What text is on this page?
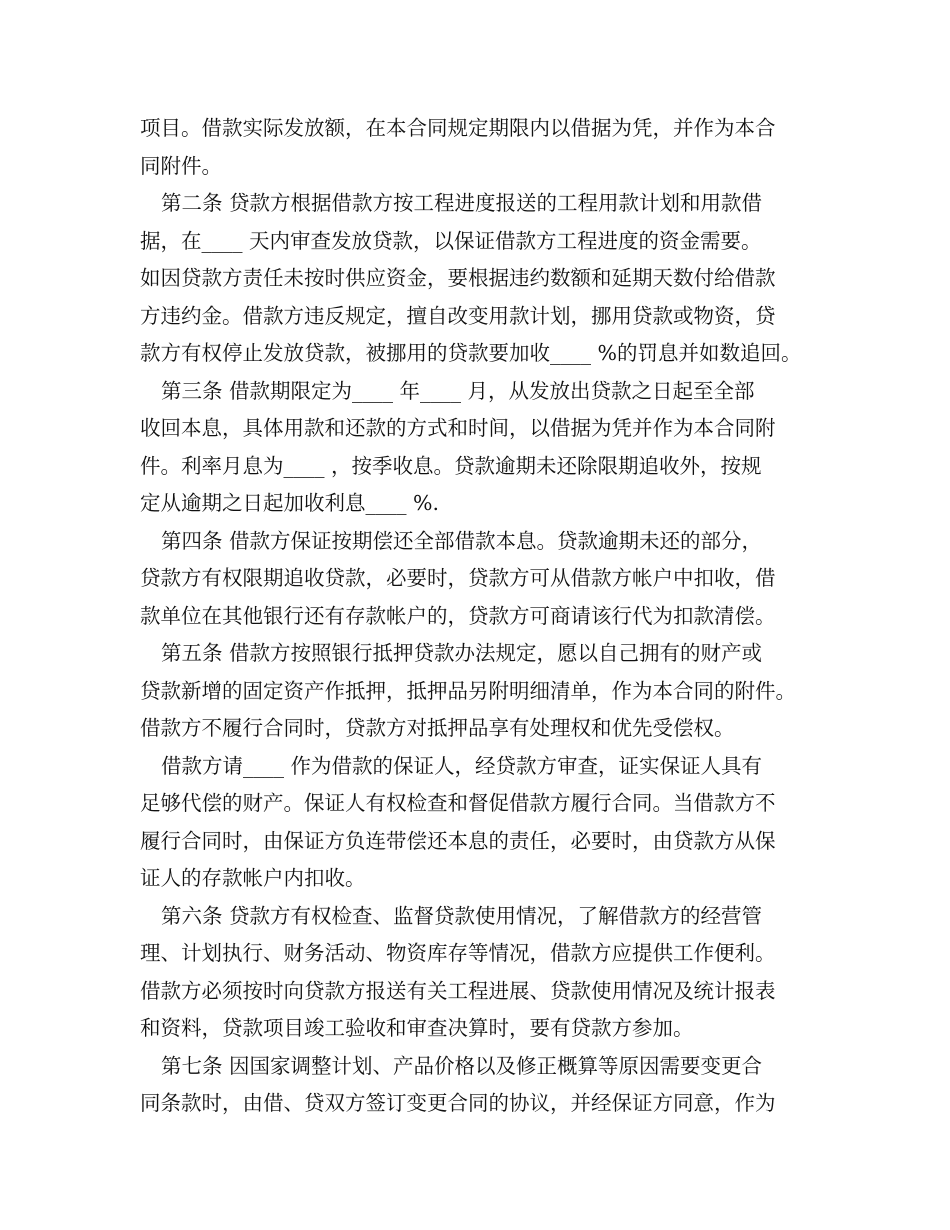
项目。借款实际发放额，在本合同规定期限内以借据为凭，并作为本合
同附件。
第二条 贷款方根据借款方按工程进度报送的工程用款计划和用款借
据，在____ 天内审查发放贷款，以保证借款方工程进度的资金需要。
如因贷款方责任未按时供应资金，要根据违约数额和延期天数付给借款
方违约金。借款方违反规定，擅自改变用款计划，挪用贷款或物资，贷
款方有权停止发放贷款，被挪用的贷款要加收____ %的罚息并如数追回。
第三条 借款期限定为____ 年____ 月，从发放出贷款之日起至全部
收回本息，具体用款和还款的方式和时间，以借据为凭并作为本合同附
件。利率月息为____ ，按季收息。贷款逾期未还除限期追收外，按规
定从逾期之日起加收利息____ %.
第四条 借款方保证按期偿还全部借款本息。贷款逾期未还的部分，
贷款方有权限期追收贷款，必要时，贷款方可从借款方帐户中扣收，借
款单位在其他银行还有存款帐户的，贷款方可商请该行代为扣款清偿。
第五条 借款方按照银行抵押贷款办法规定，愿以自己拥有的财产或
贷款新增的固定资产作抵押，抵押品另附明细清单，作为本合同的附件。
借款方不履行合同时，贷款方对抵押品享有处理权和优先受偿权。
借款方请____ 作为借款的保证人，经贷款方审查，证实保证人具有
足够代偿的财产。保证人有权检查和督促借款方履行合同。当借款方不
履行合同时，由保证方负连带偿还本息的责任，必要时，由贷款方从保
证人的存款帐户内扣收。
第六条 贷款方有权检查、监督贷款使用情况，了解借款方的经营管
理、计划执行、财务活动、物资库存等情况，借款方应提供工作便利。
借款方必须按时向贷款方报送有关工程进展、贷款使用情况及统计报表
和资料，贷款项目竣工验收和审查决算时，要有贷款方参加。
第七条 因国家调整计划、产品价格以及修正概算等原因需要变更合
同条款时，由借、贷双方签订变更合同的协议，并经保证方同意，作为
